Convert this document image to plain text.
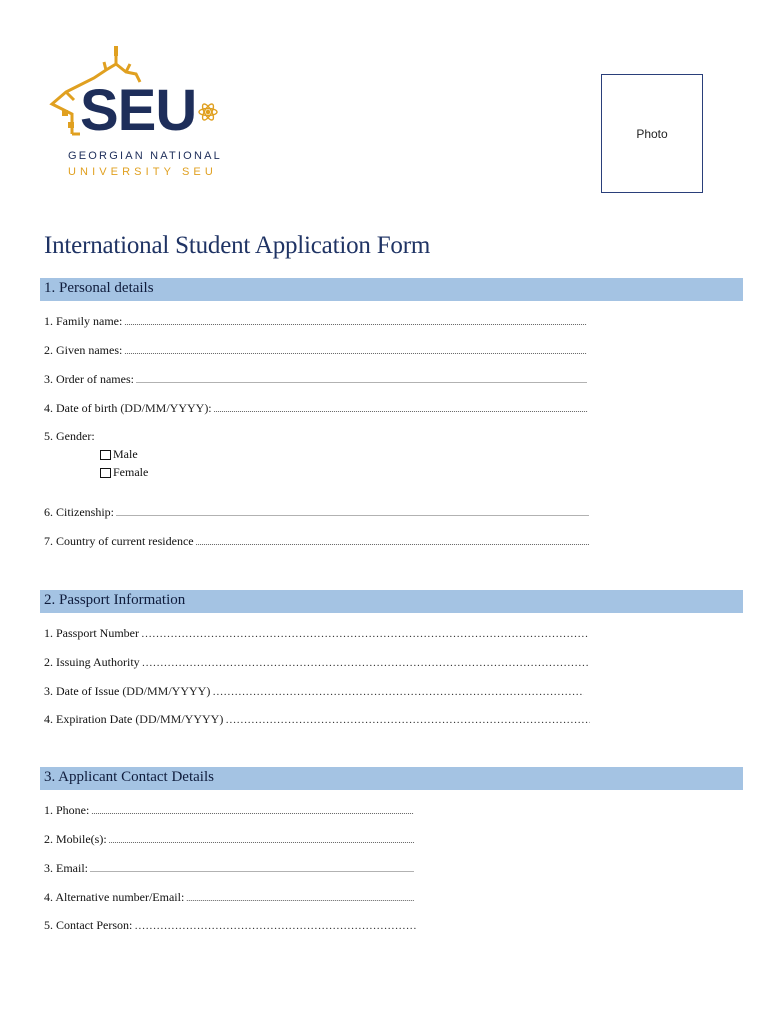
SEU
GEORGIAN NATIONAL
UNIVERSITY SEU
Photo
International Student Application Form
1. Personal details
1. Family name:
.....
2. Given names:
.....
3. Order of names:
.....
4. Date of birth (DD/MM/YYYY):
.....
5. Gender:
Male
Female
6. Citizenship:
.....
7. Country of current residence
.....
2. Passport Information
1. Passport Number
……………………………………………………………………………………………………………………
2. Issuing Authority
……………………………………………………………………………………………………………………
3. Date of Issue (DD/MM/YYYY)
……………………………………………………………………………………………………………………
4. Expiration Date (DD/MM/YYYY)
……………………………………………………………………………………………………………………
3. Applicant Contact Details
1. Phone:
.....
2. Mobile(s):
.....
3. Email:
.....
4. Alternative number/Email:
.....
5. Contact Person:
……………………………………………………………………………………………………………………
